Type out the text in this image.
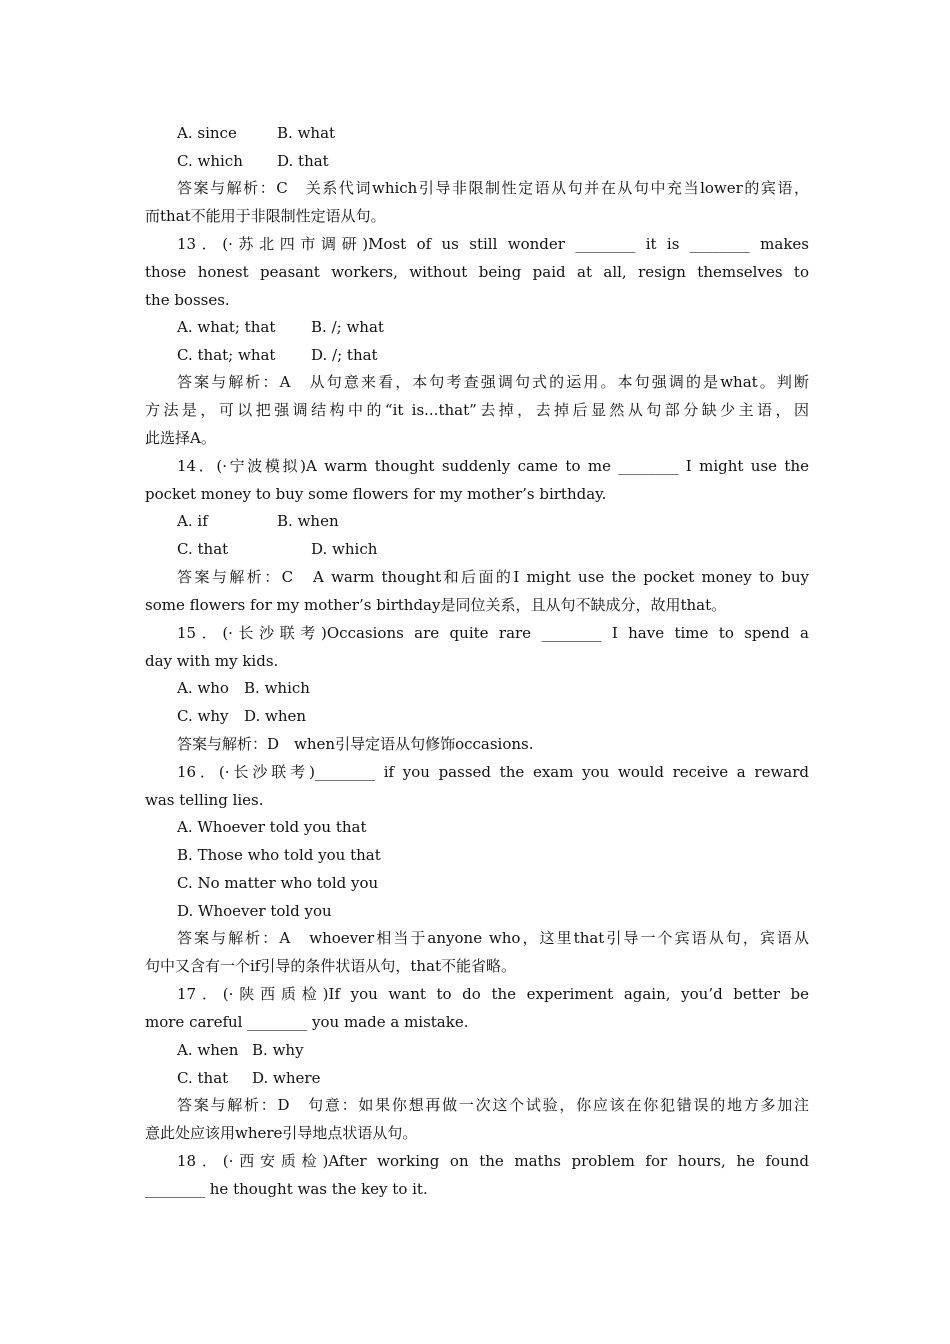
A. since	B. what
C. which D. that
答案与解析：C　关系代词which引导非限制性定语从句并在从句中充当lower的宾语，
而that不能用于非限制性定语从句。
13．(·苏北四市调研)Most of us still wonder ________ it is ________ makes
those honest peasant workers, without being paid at all, resign themselves to
the bosses.
A. what; that B. /; what
C. that; what D. /; that
答案与解析：A　从句意来看，本句考查强调句式的运用。本句强调的是what。判断
方法是，可以把强调结构中的“it is...that”去掉，去掉后显然从句部分缺少主语，因
此选择A。
14．(·宁波模拟)A warm thought suddenly came to me ________ I might use the
pocket money to buy some flowers for my mother’s birthday.
A. if	B. when
C. that	D. which
答案与解析：C　A warm thought和后面的I might use the pocket money to buy
some flowers for my mother’s birthday是同位关系，且从句不缺成分，故用that。
15．(·长沙联考)Occasions are quite rare ________ I have time to spend a
day with my kids.
A. who B. which
C. why D. when
答案与解析：D　when引导定语从句修饰occasions.
16．(·长沙联考)________ if you passed the exam you would receive a reward
was telling lies.
A. Whoever told you that
B. Those who told you that
C. No matter who told you
D. Whoever told you
答案与解析：A　whoever相当于anyone who，这里that引导一个宾语从句，宾语从
句中又含有一个if引导的条件状语从句，that不能省略。
17．(·陕西质检)If you want to do the experiment again, you’d better be
more careful ________ you made a mistake.
A. when B. why
C. that D. where
答案与解析：D　句意：如果你想再做一次这个试验，你应该在你犯错误的地方多加注
意此处应该用where引导地点状语从句。
18．(·西安质检)After working on the maths problem for hours, he found
________ he thought was the key to it.
